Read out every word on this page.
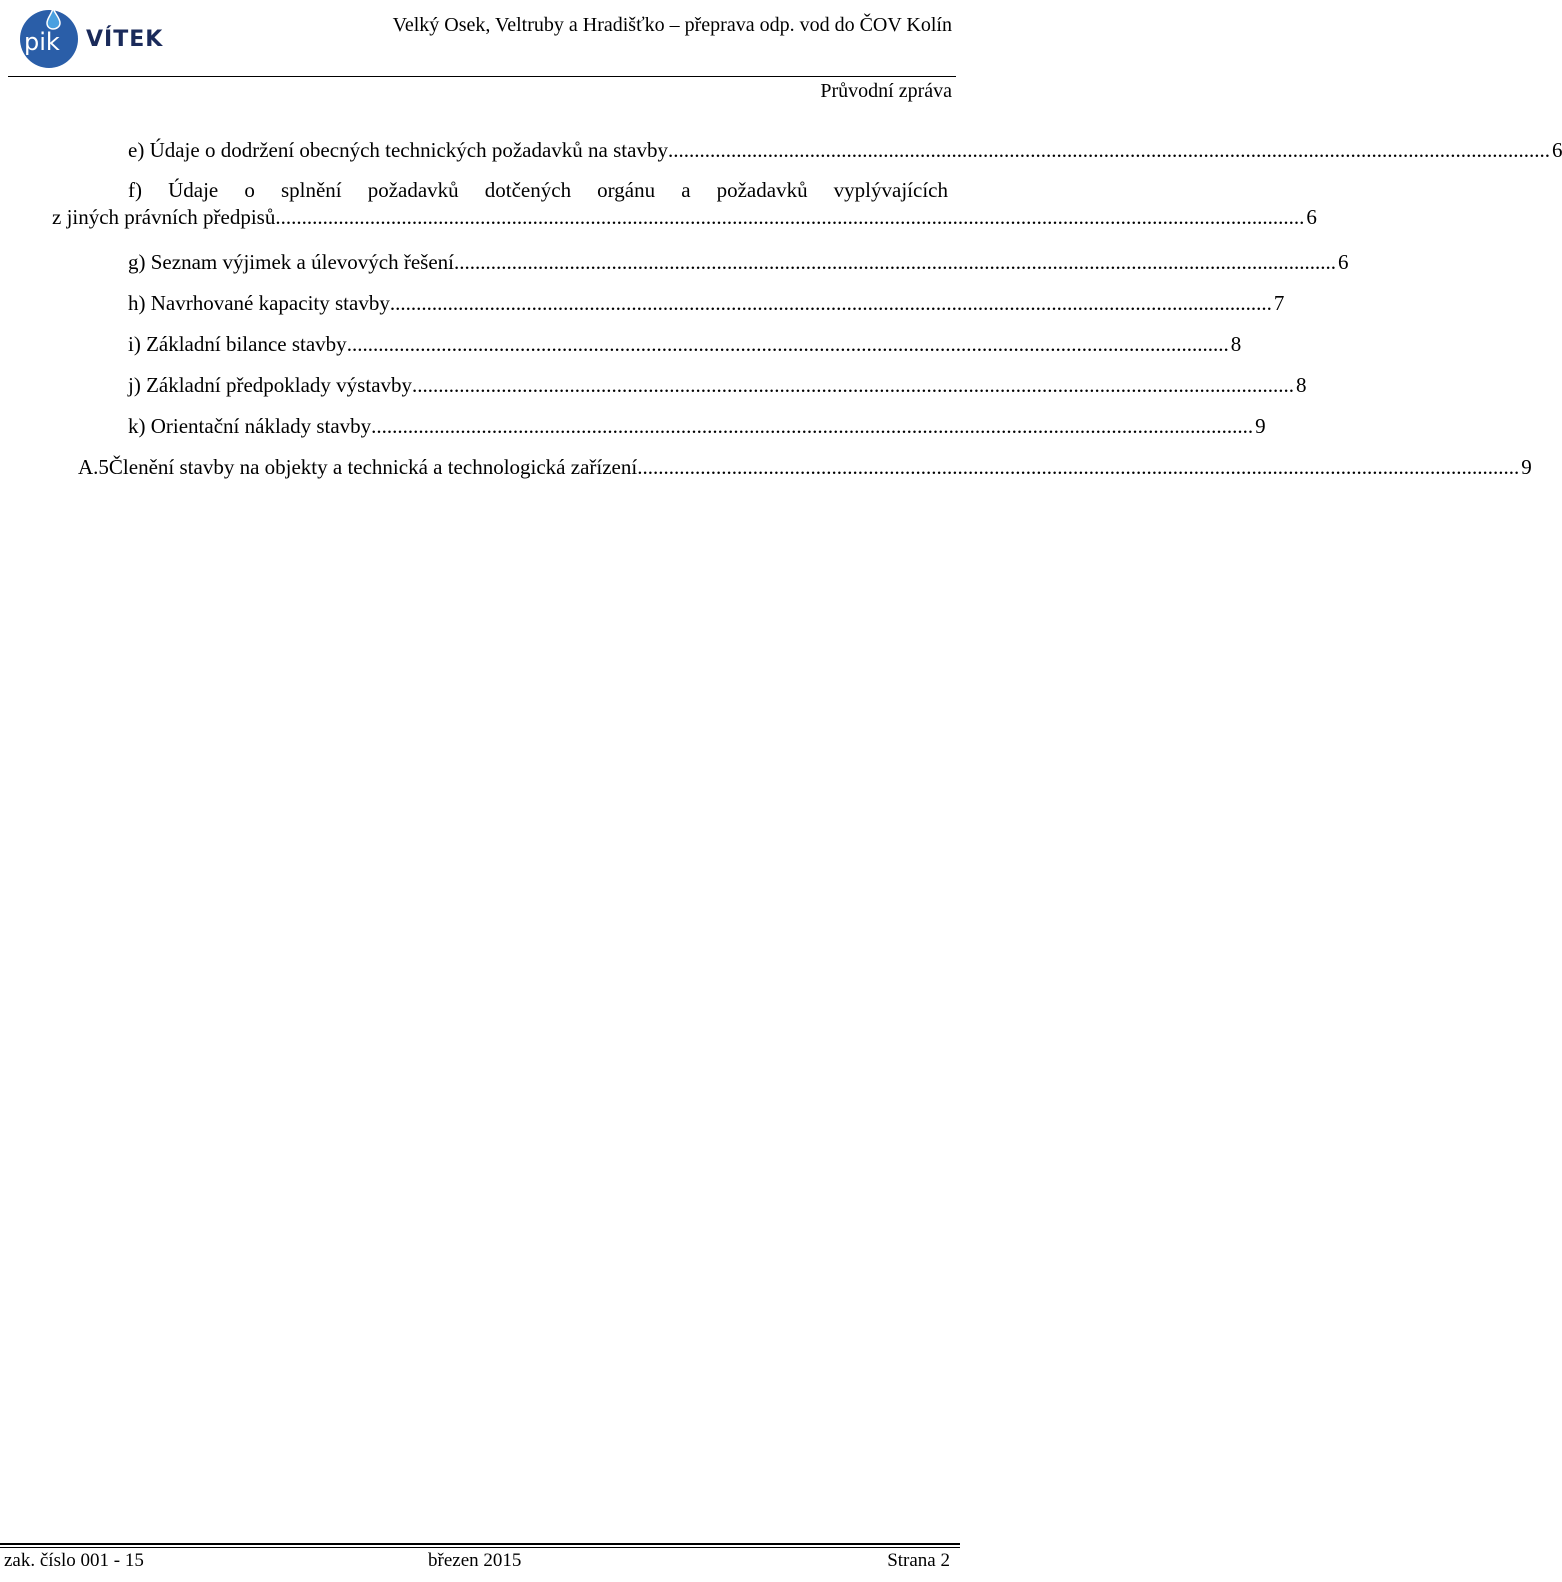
pik VÍTEK
Velký Osek, Veltruby a Hradišťko – přeprava odp. vod do ČOV Kolín
Průvodní zpráva
e) Údaje o dodržení obecných technických požadavků na stavby ........................................................................................................................................................................ 6
f) Údaje o splnění požadavků dotčených orgánu a požadavků vyplývajících
z jiných právních předpisů .................................................................................................................................................................................................... 6
g) Seznam výjimek a úlevových řešení ........................................................................................................................................................................ 6
h) Navrhované kapacity stavby ........................................................................................................................................................................ 7
i) Základní bilance stavby ........................................................................................................................................................................ 8
j) Základní předpoklady výstavby ........................................................................................................................................................................ 8
k) Orientační náklady stavby ........................................................................................................................................................................ 9
A.5 Členění stavby na objekty a technická a technologická zařízení ........................................................................................................................................................................ 9
zak. číslo 001 - 15	březen 2015	Strana 2
